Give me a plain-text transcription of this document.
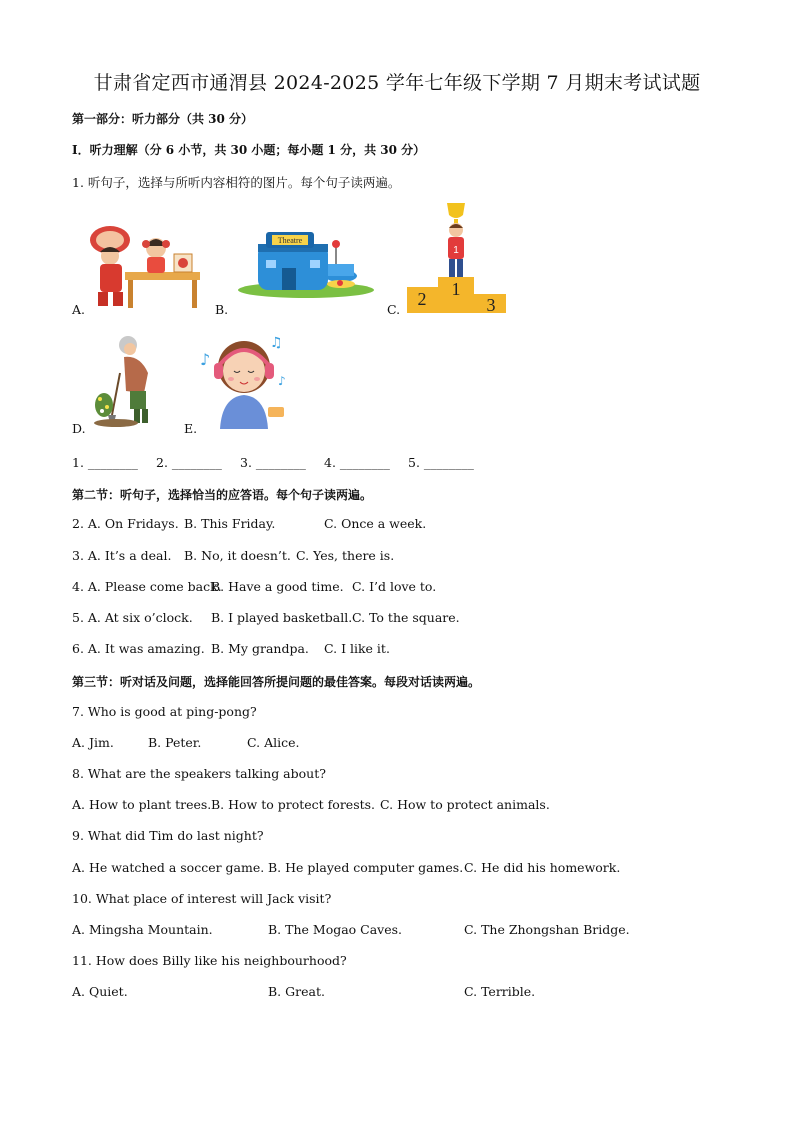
甘肃省定西市通渭县 2024-2025 学年七年级下学期 7 月期末考试试题
第一部分：听力部分（共 30 分）
Ⅰ．听力理解（分 6 小节，共 30 小题；每小题 1 分，共 30 分）
1. 听句子，选择与所听内容相符的图片。每个句子读两遍。
A.
Theatre
B.
1
2 1
3
C.
D.
♪
♫
♪
E.
1. ________ 2. ________ 3. ________ 4. ________ 5. ________
第二节：听句子，选择恰当的应答语。每个句子读两遍。
2. A. On Fridays. B. This Friday.	C. Once a week.
3. A. It’s a deal. B. No, it doesn’t. C. Yes, there is.
4. A. Please come back.
B. Have a good time. C. I’d love to.
5. A. At six o’clock. B. I played basketball. C. To the square.
6. A. It was amazing. B. My grandpa. C. I like it.
第三节：听对话及问题，选择能回答所提问题的最佳答案。每段对话读两遍。
7. Who is good at ping-pong?
A. Jim.	B. Peter.	C. Alice.
8. What are the speakers talking about?
A. How to plant trees. B. How to protect forests. C. How to protect animals.
9. What did Tim do last night?
A. He watched a soccer game. B. He played computer games. C. He did his homework.
10. What place of interest will Jack visit?
A. Mingsha Mountain.	B. The Mogao Caves.	C. The Zhongshan Bridge.
11. How does Billy like his neighbourhood?
A. Quiet.	B. Great.	C. Terrible.
